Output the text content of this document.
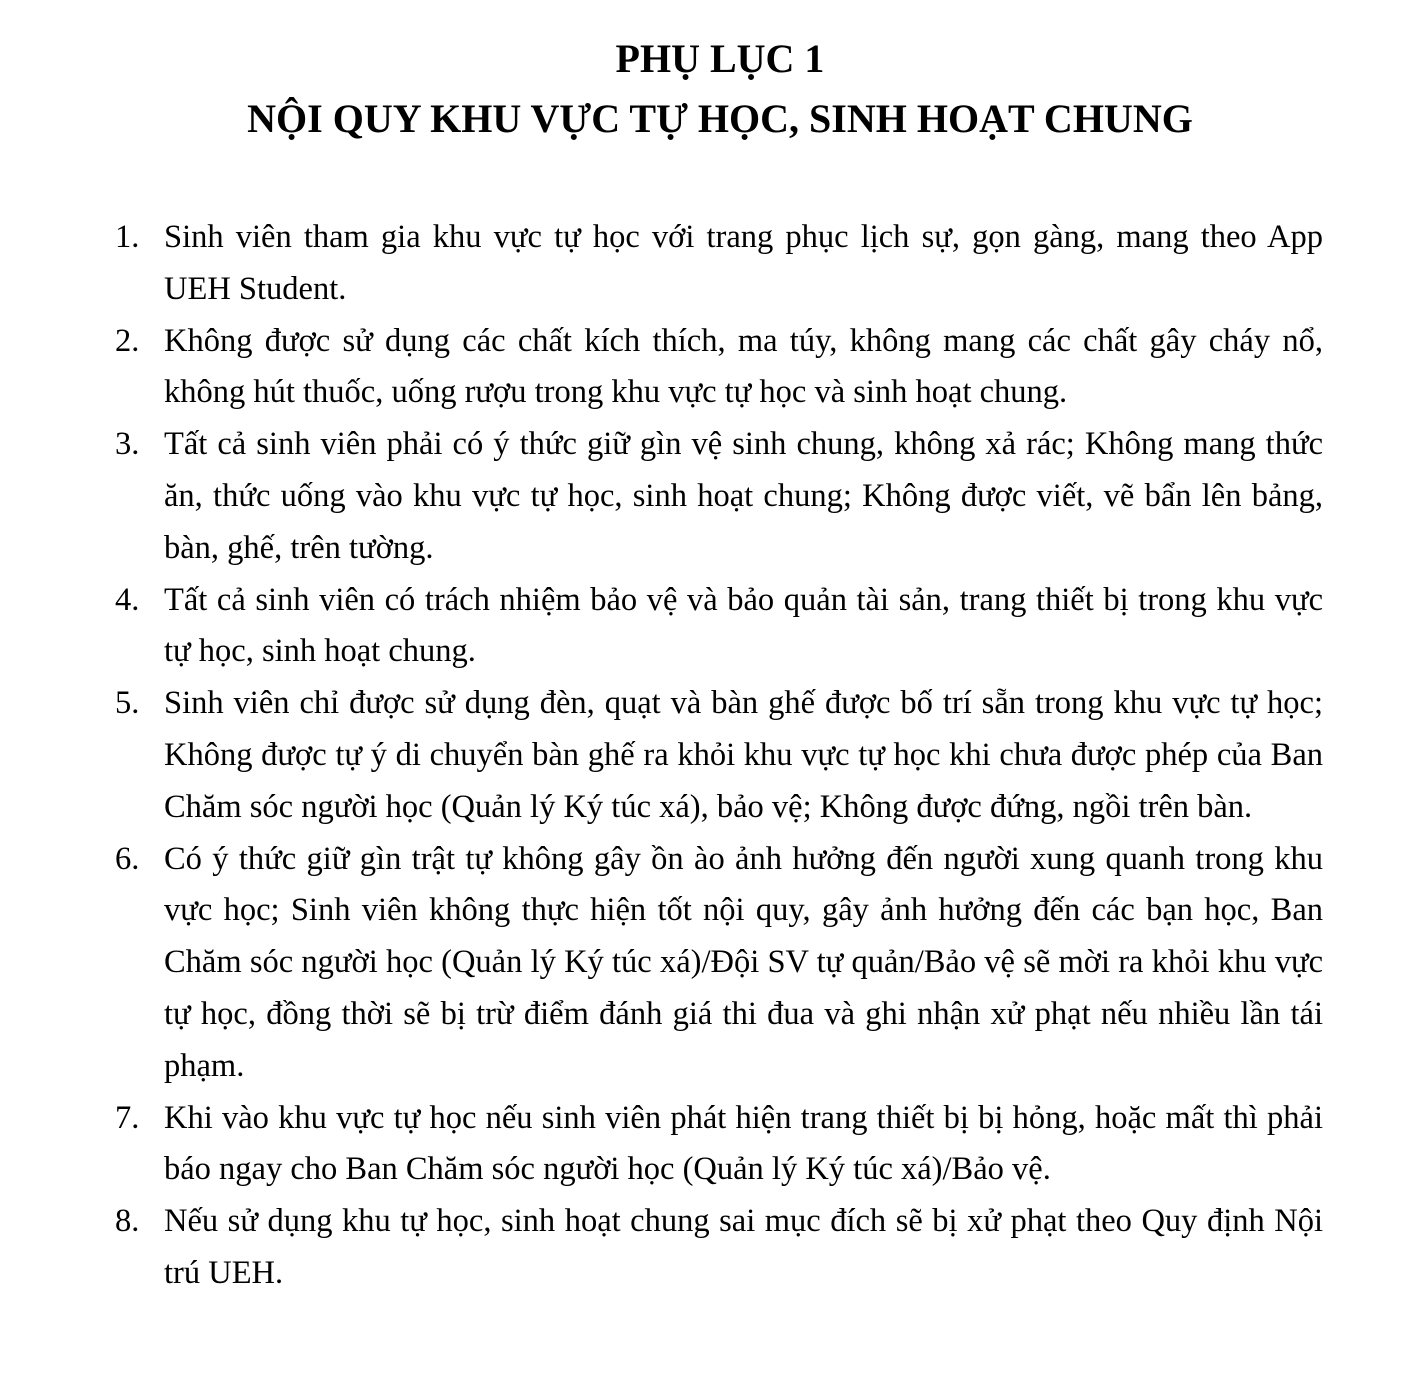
PHỤ LỤC 1
NỘI QUY KHU VỰC TỰ HỌC, SINH HOẠT CHUNG
1. Sinh viên tham gia khu vực tự học với trang phục lịch sự, gọn gàng, mang theo App UEH Student.
2. Không được sử dụng các chất kích thích, ma túy, không mang các chất gây cháy nổ, không hút thuốc, uống rượu trong khu vực tự học và sinh hoạt chung.
3. Tất cả sinh viên phải có ý thức giữ gìn vệ sinh chung, không xả rác; Không mang thức ăn, thức uống vào khu vực tự học, sinh hoạt chung; Không được viết, vẽ bẩn lên bảng, bàn, ghế, trên tường.
4. Tất cả sinh viên có trách nhiệm bảo vệ và bảo quản tài sản, trang thiết bị trong khu vực tự học, sinh hoạt chung.
5. Sinh viên chỉ được sử dụng đèn, quạt và bàn ghế được bố trí sẵn trong khu vực tự học; Không được tự ý di chuyển bàn ghế ra khỏi khu vực tự học khi chưa được phép của Ban Chăm sóc người học (Quản lý Ký túc xá), bảo vệ; Không được đứng, ngồi trên bàn.
6. Có ý thức giữ gìn trật tự không gây ồn ào ảnh hưởng đến người xung quanh trong khu vực học; Sinh viên không thực hiện tốt nội quy, gây ảnh hưởng đến các bạn học, Ban Chăm sóc người học (Quản lý Ký túc xá)/Đội SV tự quản/Bảo vệ sẽ mời ra khỏi khu vực tự học, đồng thời sẽ bị trừ điểm đánh giá thi đua và ghi nhận xử phạt nếu nhiều lần tái phạm.
7. Khi vào khu vực tự học nếu sinh viên phát hiện trang thiết bị bị hỏng, hoặc mất thì phải báo ngay cho Ban Chăm sóc người học (Quản lý Ký túc xá)/Bảo vệ.
8. Nếu sử dụng khu tự học, sinh hoạt chung sai mục đích sẽ bị xử phạt theo Quy định Nội trú UEH.
